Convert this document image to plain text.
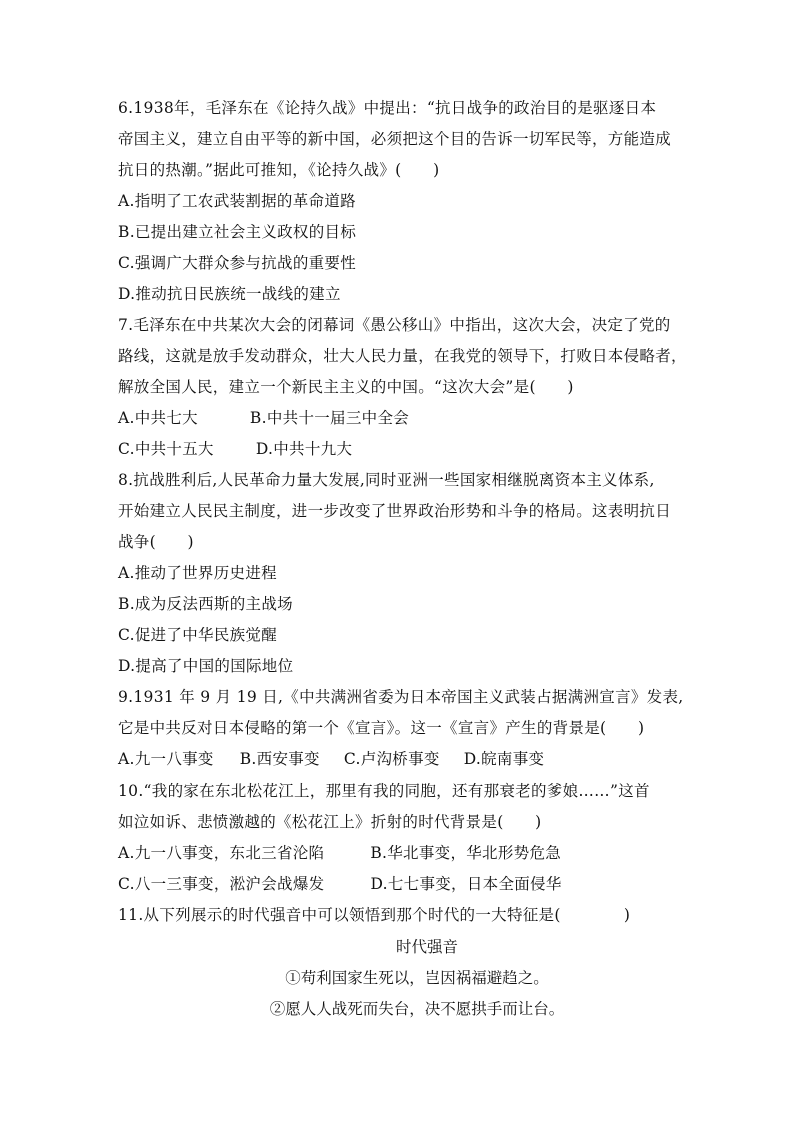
6.1938年，毛泽东在《论持久战》中提出：“抗日战争的政治目的是驱逐日本
帝国主义，建立自由平等的新中国，必须把这个目的告诉一切军民等，方能造成
抗日的热潮。”据此可推知，《论持久战》(　　)
A.指明了工农武装割据的革命道路
B.已提出建立社会主义政权的目标
C.强调广大群众参与抗战的重要性
D.推动抗日民族统一战线的建立
7.毛泽东在中共某次大会的闭幕词《愚公移山》中指出，这次大会，决定了党的
路线，这就是放手发动群众，壮大人民力量，在我党的领导下，打败日本侵略者，
解放全国人民，建立一个新民主主义的中国。“这次大会”是(　　)
A.中共七大	B.中共十一届三中全会
C.中共十五大	D.中共十九大
8.抗战胜利后,人民革命力量大发展,同时亚洲一些国家相继脱离资本主义体系,
开始建立人民民主制度，进一步改变了世界政治形势和斗争的格局。这表明抗日
战争(　　)
A.推动了世界历史进程
B.成为反法西斯的主战场
C.促进了中华民族觉醒
D.提高了中国的国际地位
9.1931 年 9 月 19 日,《中共满洲省委为日本帝国主义武装占据满洲宣言》发表,
它是中共反对日本侵略的第一个《宣言》。这一《宣言》产生的背景是(　　)
A.九一八事变 B.西安事变 C.卢沟桥事变 D.皖南事变
10.“我的家在东北松花江上，那里有我的同胞，还有那衰老的爹娘……”这首
如泣如诉、悲愤激越的《松花江上》折射的时代背景是(　　)
A.九一八事变，东北三省沦陷	B.华北事变，华北形势危急
C.八一三事变，淞沪会战爆发	D.七七事变，日本全面侵华
11.从下列展示的时代强音中可以领悟到那个时代的一大特征是(　　　　)
时代强音
①苟利国家生死以，岂因祸福避趋之。
②愿人人战死而失台，决不愿拱手而让台。
